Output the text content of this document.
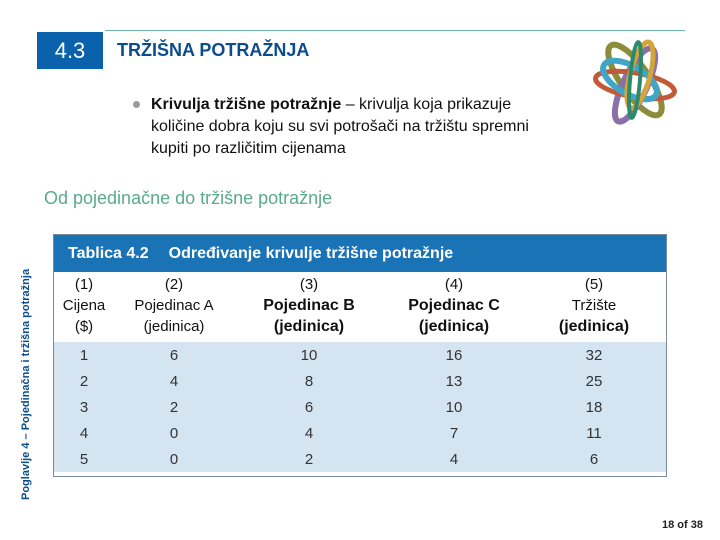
4.3	TRŽIŠNA POTRAŽNJA
Krivulja tržišne potražnje – krivulja koja prikazuje količine dobra koju su svi potrošači na tržištu spremni kupiti po različitim cijenama
Od pojedinačne do tržišne potražnje
Poglavlje 4 – Pojedinačna i tržišna potražnja
Tablica 4.2 Određivanje krivulje tržišne potražnje
(1)
Cijena
($)
(2)
Pojedinac A
(jedinica)
(3)
Pojedinac B
(jedinica)
(4)
Pojedinac C
(jedinica)
(5)
Tržište
(jedinica)
1	6	10	16	32
2	4	8	13	25
3	2	6	10	18
4	0	4	7	11
5	0	2	4	6
18 of 38
